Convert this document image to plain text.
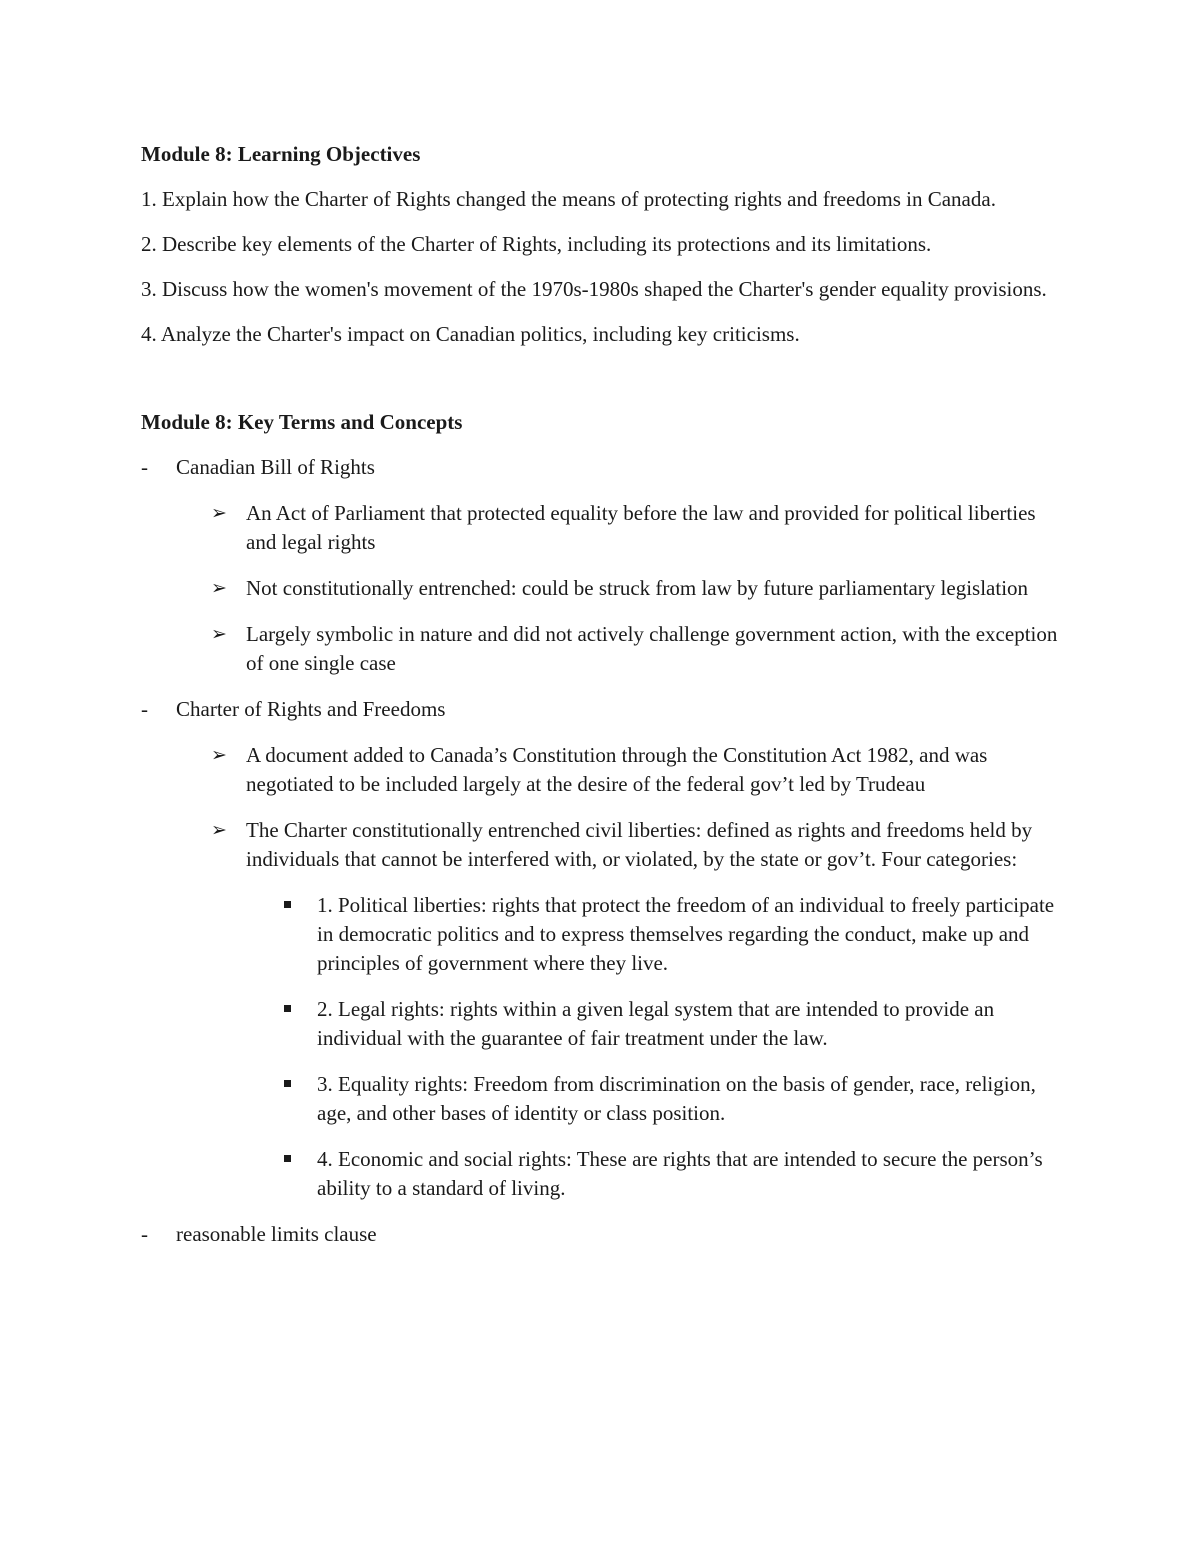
Module 8: Learning Objectives
1. Explain how the Charter of Rights changed the means of protecting rights and freedoms in Canada.
2. Describe key elements of the Charter of Rights, including its protections and its limitations.
3. Discuss how the women's movement of the 1970s-1980s shaped the Charter's gender equality provisions.
4. Analyze the Charter's impact on Canadian politics, including key criticisms.
Module 8: Key Terms and Concepts
- Canadian Bill of Rights
➢ An Act of Parliament that protected equality before the law and provided for political liberties and legal rights
➢ Not constitutionally entrenched: could be struck from law by future parliamentary legislation
➢ Largely symbolic in nature and did not actively challenge government action, with the exception of one single case
- Charter of Rights and Freedoms
➢ A document added to Canada’s Constitution through the Constitution Act 1982, and was negotiated to be included largely at the desire of the federal gov’t led by Trudeau
➢ The Charter constitutionally entrenched civil liberties: defined as rights and freedoms held by individuals that cannot be interfered with, or violated, by the state or gov’t. Four categories:
1. Political liberties: rights that protect the freedom of an individual to freely participate in democratic politics and to express themselves regarding the conduct, make up and principles of government where they live.
2. Legal rights: rights within a given legal system that are intended to provide an individual with the guarantee of fair treatment under the law.
3. Equality rights: Freedom from discrimination on the basis of gender, race, religion, age, and other bases of identity or class position.
4. Economic and social rights: These are rights that are intended to secure the person’s ability to a standard of living.
- reasonable limits clause
